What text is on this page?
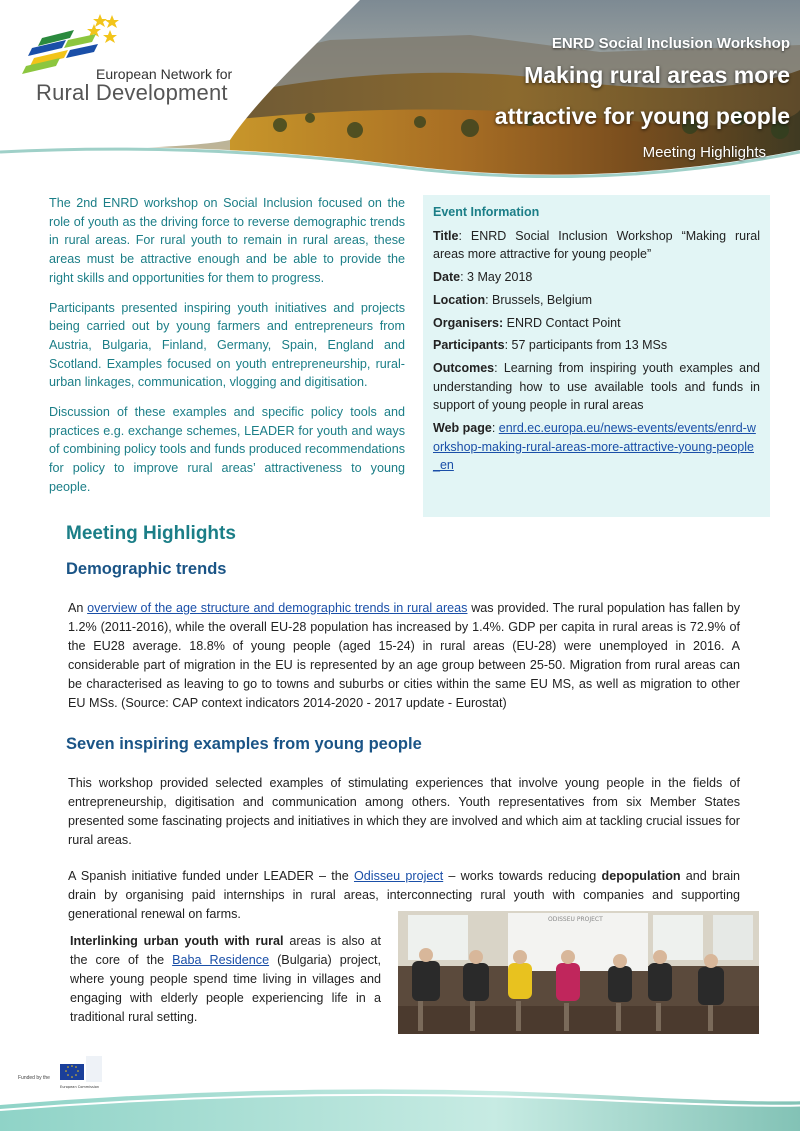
European Network for
Rural Development
ENRD Social Inclusion Workshop
Making rural areas more
attractive for young people
Meeting Highlights

The 2nd ENRD workshop on Social Inclusion focused on the role of youth as the driving force to reverse demographic trends in rural areas. For rural youth to remain in rural areas, these areas must be attractive enough and be able to provide the right skills and opportunities for them to progress.

Participants presented inspiring youth initiatives and projects being carried out by young farmers and entrepreneurs from Austria, Bulgaria, Finland, Germany, Spain, England and Scotland. Examples focused on youth entrepreneurship, rural-urban linkages, communication, vlogging and digitisation.

Discussion of these examples and specific policy tools and practices e.g. exchange schemes, LEADER for youth and ways of combining policy tools and funds produced recommendations for policy to improve rural areas’ attractiveness to young people.

Event Information
Title: ENRD Social Inclusion Workshop “Making rural areas more attractive for young people”
Date: 3 May 2018
Location: Brussels, Belgium
Organisers: ENRD Contact Point
Participants: 57 participants from 13 MSs
Outcomes: Learning from inspiring youth examples and understanding how to use available tools and funds in support of young people in rural areas
Web page: enrd.ec.europa.eu/news-events/events/enrd-workshop-making-rural-areas-more-attractive-young-people_en
Meeting Highlights
Demographic trends
An overview of the age structure and demographic trends in rural areas was provided. The rural population has fallen by 1.2% (2011-2016), while the overall EU-28 population has increased by 1.4%. GDP per capita in rural areas is 72.9% of the EU28 average. 18.8% of young people (aged 15-24) in rural areas (EU-28) were unemployed in 2016. A considerable part of migration in the EU is represented by an age group between 25-50. Migration from rural areas can be characterised as leaving to go to towns and suburbs or cities within the same EU MS, as well as migration to other EU MSs. (Source: CAP context indicators 2014-2020 - 2017 update - Eurostat)
Seven inspiring examples from young people
This workshop provided selected examples of stimulating experiences that involve young people in the fields of entrepreneurship, digitisation and communication among others. Youth representatives from six Member States presented some fascinating projects and initiatives in which they are involved and which aim at tackling crucial issues for rural areas.
A Spanish initiative funded under LEADER – the Odisseu project – works towards reducing depopulation and brain drain by organising paid internships in rural areas, interconnecting rural youth with companies and supporting generational renewal on farms.
Interlinking urban youth with rural areas is also at the core of the Baba Residence (Bulgaria) project, where young people spend time living in villages and engaging with elderly people experiencing life in a traditional rural setting.
ODISSEU PROJECT
European Commission
Funded by the
